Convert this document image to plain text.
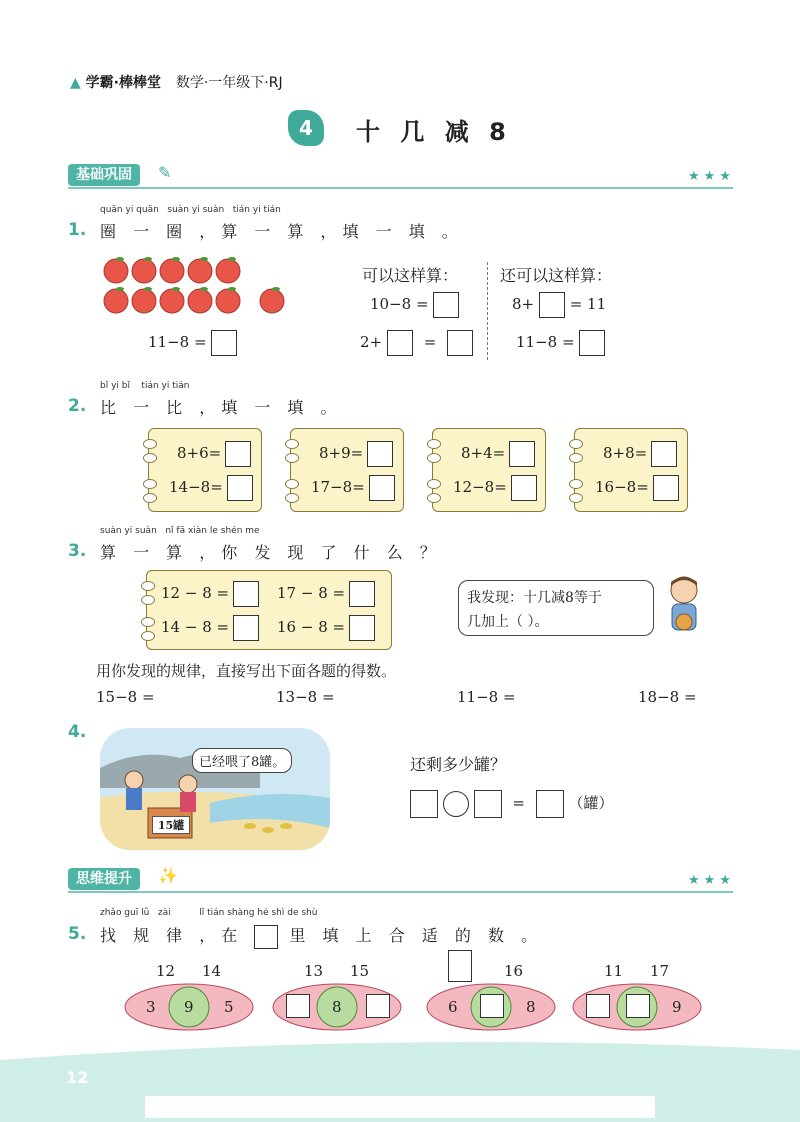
▲ 学霸·棒棒堂 数学·一年级下·RJ
4	十 几 减 8
基础巩固	✎	★★★
quān yi quān   suàn yi suàn   tián yi tián
1. 圈 一 圈 ，算 一 算 ，填 一 填 。
11−8 =
可以这样算：
10−8 =
2+	=
还可以这样算：
8+ = 11
11−8 =
bǐ yi bǐ    tián yi tián
2. 比 一 比 ，填 一 填 。
8+6=
14−8=
8+9=
17−8=
8+4=
12−8=
8+8=
16−8=
suàn yi suàn   nǐ fā xiàn le shén me
3. 算 一 算 ，你 发 现 了 什 么 ？
12 − 8 =	17 − 8 =
14 − 8 =	16 − 8 =
我发现：十几减8等于
几加上（ ）。
用你发现的规律，直接写出下面各题的得数。
15−8 =	13−8 =	11−8 =	18−8 =
4.
15罐
已经喂了8罐。	还剩多少罐？
=	（罐）
思维提升	✨	★★★
zhǎo guī lǜ   zài          lǐ tián shàng hé shì de shù
5. 找 规 律 ，在	里 填 上 合 适 的 数 。
12 14
3 9 5
13 15
8
16
6	8
11 17
9
12
